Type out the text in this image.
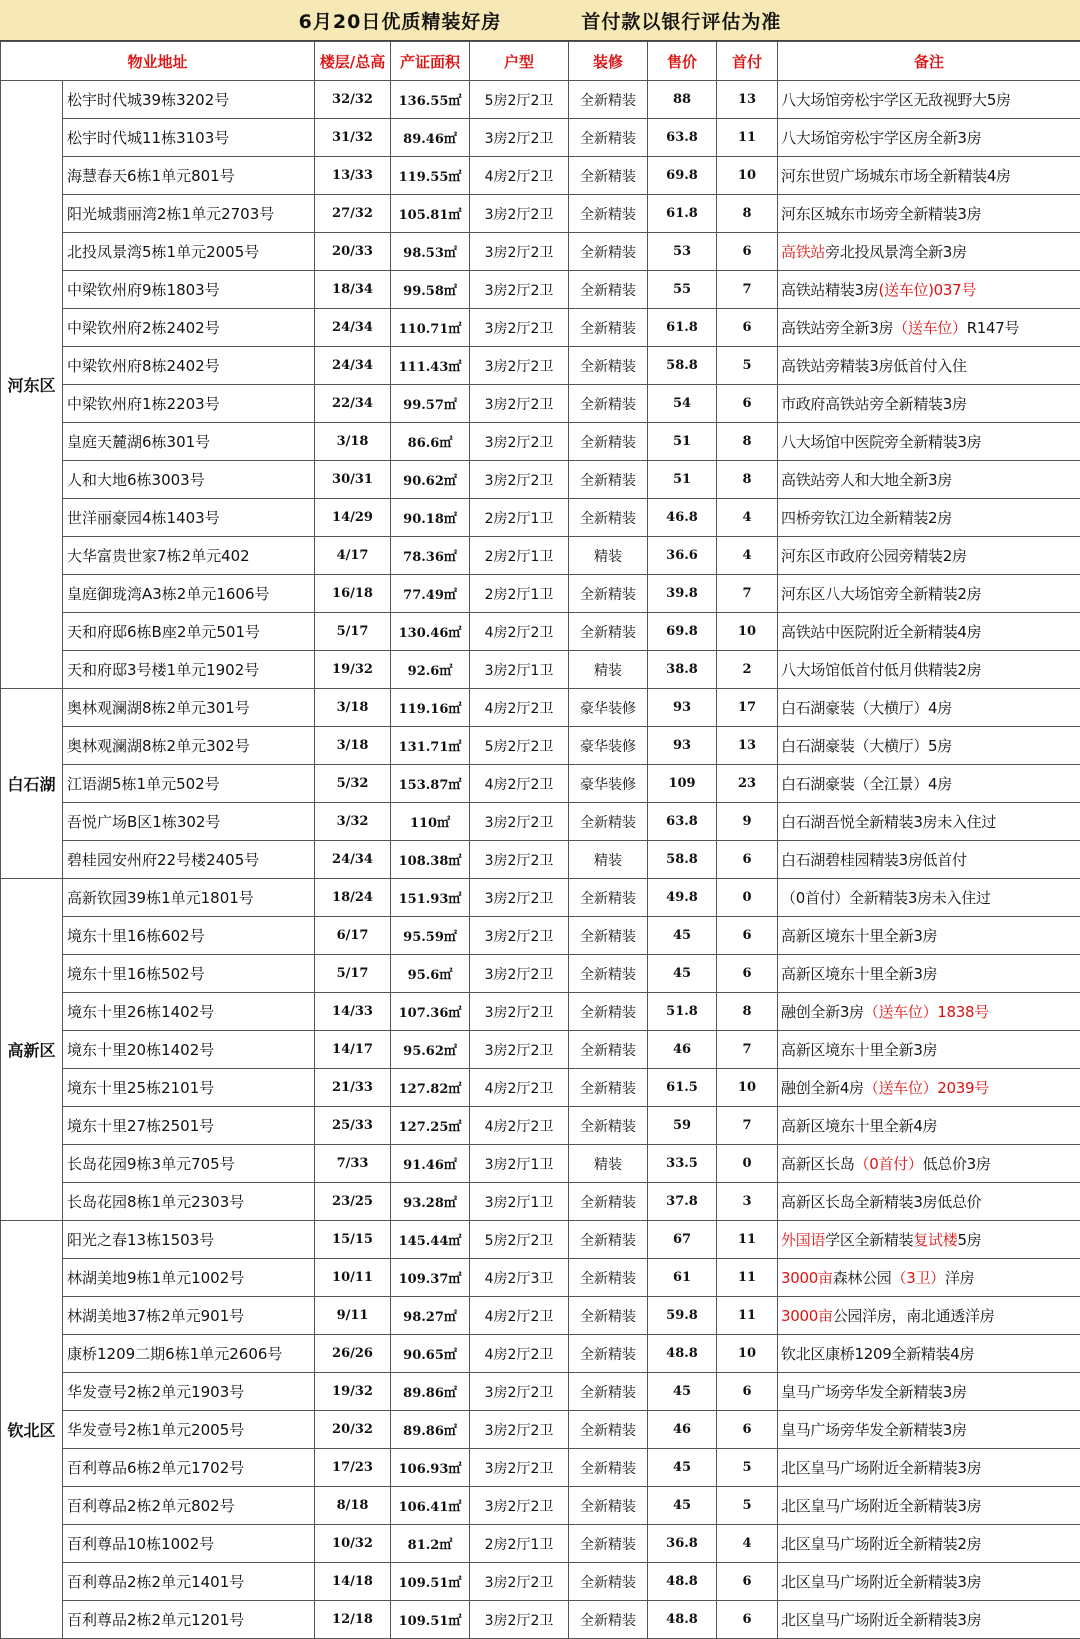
6月20日优质精装好房	首付款以银行评估为准
物业地址		楼层/总高	产证面积	户型	装修	售价	首付	备注
河东区	松宇时代城39栋3202号	32/32	136.55㎡	5房2厅2卫	全新精装	88	13	八大场馆旁松宇学区无敌视野大5房
	松宇时代城11栋3103号	31/32	89.46㎡	3房2厅2卫	全新精装	63.8	11	八大场馆旁松宇学区房全新3房
	海慧春天6栋1单元801号	13/33	119.55㎡	4房2厅2卫	全新精装	69.8	10	河东世贸广场城东市场全新精装4房
	阳光城翡丽湾2栋1单元2703号	27/32	105.81㎡	3房2厅2卫	全新精装	61.8	8	河东区城东市场旁全新精装3房
	北投凤景湾5栋1单元2005号	20/33	98.53㎡	3房2厅2卫	全新精装	53	6	高铁站旁北投凤景湾全新3房
	中梁钦州府9栋1803号	18/34	99.58㎡	3房2厅2卫	全新精装	55	7	高铁站精装3房(送车位)037号
	中梁钦州府2栋2402号	24/34	110.71㎡	3房2厅2卫	全新精装	61.8	6	高铁站旁全新3房（送车位）R147号
	中梁钦州府8栋2402号	24/34	111.43㎡	3房2厅2卫	全新精装	58.8	5	高铁站旁精装3房低首付入住
	中梁钦州府1栋2203号	22/34	99.57㎡	3房2厅2卫	全新精装	54	6	市政府高铁站旁全新精装3房
	皇庭天麓湖6栋301号	3/18	86.6㎡	3房2厅2卫	全新精装	51	8	八大场馆中医院旁全新精装3房
	人和大地6栋3003号	30/31	90.62㎡	3房2厅2卫	全新精装	51	8	高铁站旁人和大地全新3房
	世洋丽豪园4栋1403号	14/29	90.18㎡	2房2厅1卫	全新精装	46.8	4	四桥旁钦江边全新精装2房
	大华富贵世家7栋2单元402	4/17	78.36㎡	2房2厅1卫	精装	36.6	4	河东区市政府公园旁精装2房
	皇庭御珑湾A3栋2单元1606号	16/18	77.49㎡	2房2厅1卫	全新精装	39.8	7	河东区八大场馆旁全新精装2房
	天和府邸6栋B座2单元501号	5/17	130.46㎡	4房2厅2卫	全新精装	69.8	10	高铁站中医院附近全新精装4房
	天和府邸3号楼1单元1902号	19/32	92.6㎡	3房2厅1卫	精装	38.8	2	八大场馆低首付低月供精装2房
白石湖	奥林观澜湖8栋2单元301号	3/18	119.16㎡	4房2厅2卫	豪华装修	93	17	白石湖豪装（大横厅）4房
	奥林观澜湖8栋2单元302号	3/18	131.71㎡	5房2厅2卫	豪华装修	93	13	白石湖豪装（大横厅）5房
	江语湖5栋1单元502号	5/32	153.87㎡	4房2厅2卫	豪华装修	109	23	白石湖豪装（全江景）4房
	吾悦广场B区1栋302号	3/32	110㎡	3房2厅2卫	全新精装	63.8	9	白石湖吾悦全新精装3房未入住过
	碧桂园安州府22号楼2405号	24/34	108.38㎡	3房2厅2卫	精装	58.8	6	白石湖碧桂园精装3房低首付
高新区	高新钦园39栋1单元1801号	18/24	151.93㎡	3房2厅2卫	全新精装	49.8	0	（0首付）全新精装3房未入住过
	境东十里16栋602号	6/17	95.59㎡	3房2厅2卫	全新精装	45	6	高新区境东十里全新3房
	境东十里16栋502号	5/17	95.6㎡	3房2厅2卫	全新精装	45	6	高新区境东十里全新3房
	境东十里26栋1402号	14/33	107.36㎡	3房2厅2卫	全新精装	51.8	8	融创全新3房（送车位）1838号
	境东十里20栋1402号	14/17	95.62㎡	3房2厅2卫	全新精装	46	7	高新区境东十里全新3房
	境东十里25栋2101号	21/33	127.82㎡	4房2厅2卫	全新精装	61.5	10	融创全新4房（送车位）2039号
	境东十里27栋2501号	25/33	127.25㎡	4房2厅2卫	全新精装	59	7	高新区境东十里全新4房
	长岛花园9栋3单元705号	7/33	91.46㎡	3房2厅1卫	精装	33.5	0	高新区长岛（0首付）低总价3房
	长岛花园8栋1单元2303号	23/25	93.28㎡	3房2厅1卫	全新精装	37.8	3	高新区长岛全新精装3房低总价
钦北区	阳光之春13栋1503号	15/15	145.44㎡	5房2厅2卫	全新精装	67	11	外国语学区全新精装复试楼5房
	林湖美地9栋1单元1002号	10/11	109.37㎡	4房2厅3卫	全新精装	61	11	3000亩森林公园（3卫）洋房
	林湖美地37栋2单元901号	9/11	98.27㎡	4房2厅2卫	全新精装	59.8	11	3000亩公园洋房，南北通透洋房
	康桥1209二期6栋1单元2606号	26/26	90.65㎡	4房2厅2卫	全新精装	48.8	10	钦北区康桥1209全新精装4房
	华发壹号2栋2单元1903号	19/32	89.86㎡	3房2厅2卫	全新精装	45	6	皇马广场旁华发全新精装3房
	华发壹号2栋1单元2005号	20/32	89.86㎡	3房2厅2卫	全新精装	46	6	皇马广场旁华发全新精装3房
	百利尊品6栋2单元1702号	17/23	106.93㎡	3房2厅2卫	全新精装	45	5	北区皇马广场附近全新精装3房
	百利尊品2栋2单元802号	8/18	106.41㎡	3房2厅2卫	全新精装	45	5	北区皇马广场附近全新精装3房
	百利尊品10栋1002号	10/32	81.2㎡	2房2厅1卫	全新精装	36.8	4	北区皇马广场附近全新精装2房
	百利尊品2栋2单元1401号	14/18	109.51㎡	3房2厅2卫	全新精装	48.8	6	北区皇马广场附近全新精装3房
	百利尊品2栋2单元1201号	12/18	109.51㎡	3房2厅2卫	全新精装	48.8	6	北区皇马广场附近全新精装3房
